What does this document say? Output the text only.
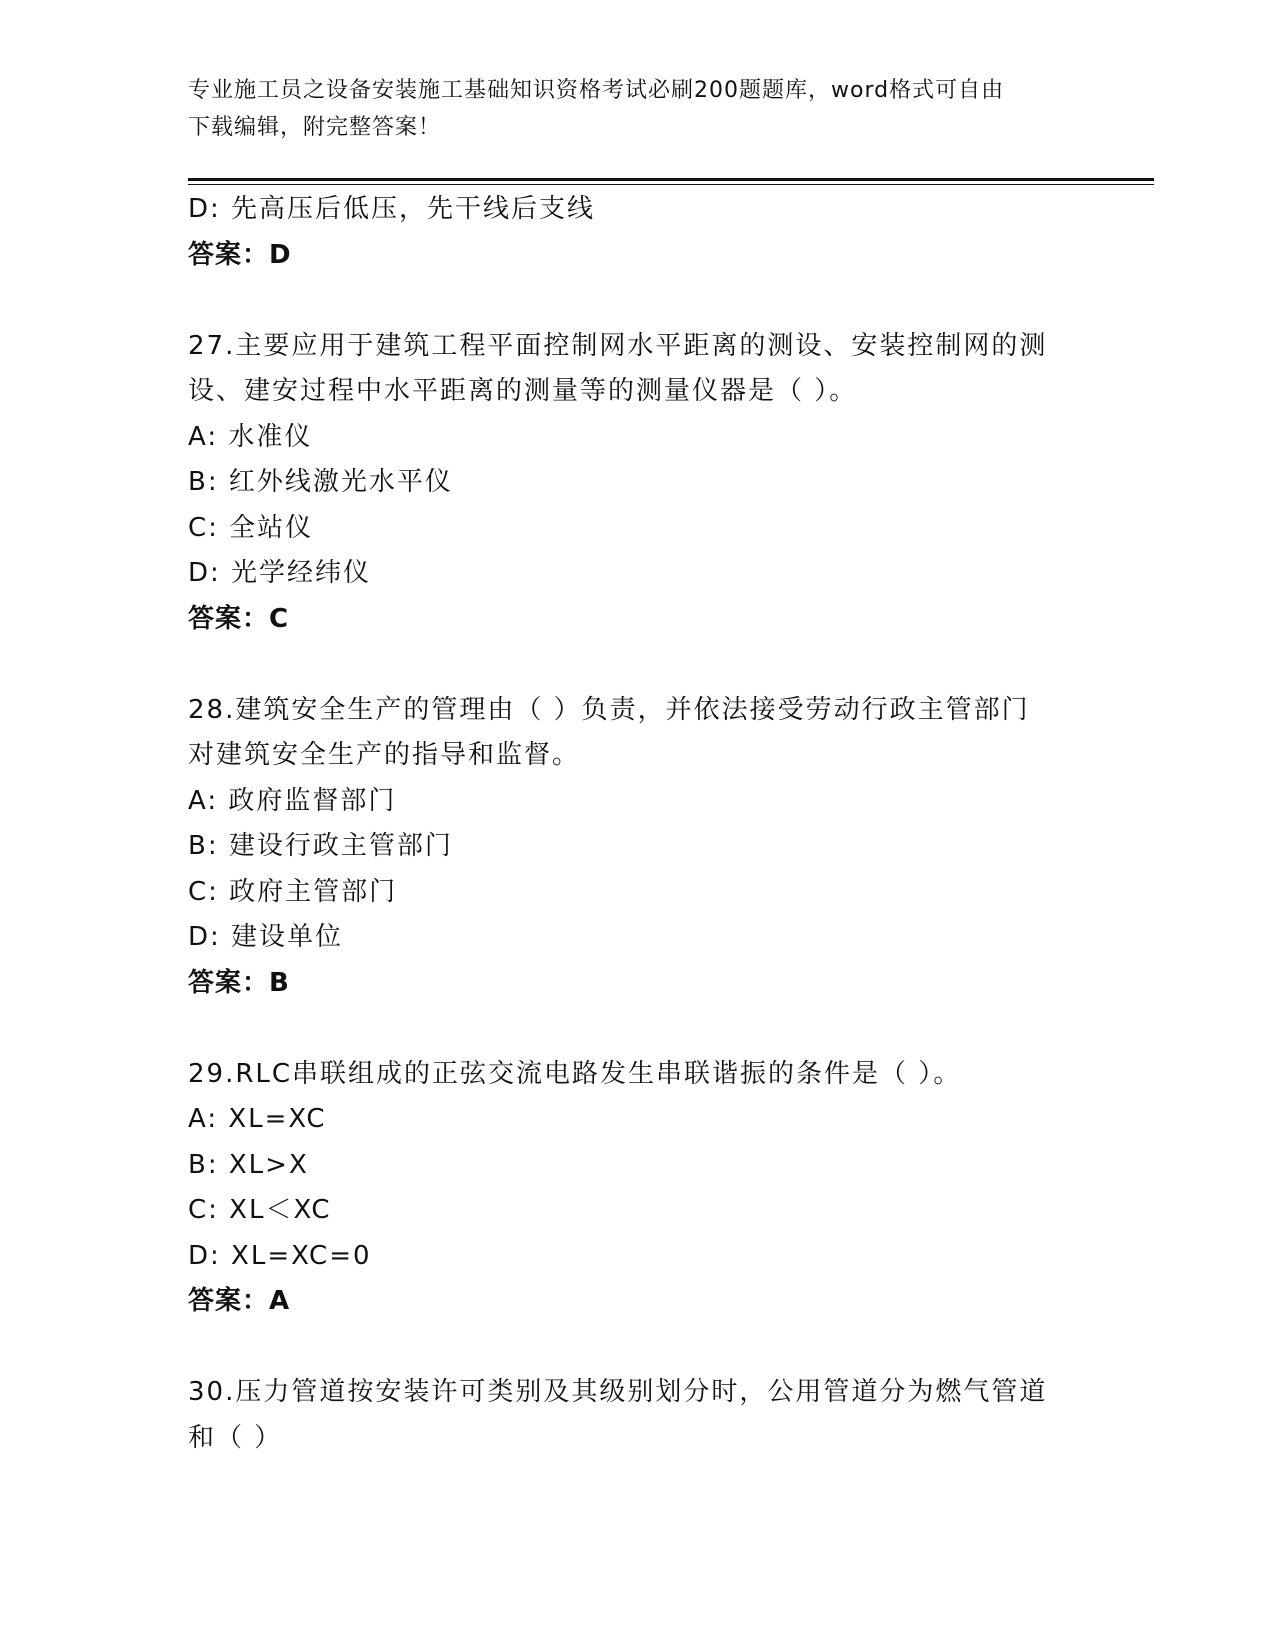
专业施工员之设备安装施工基础知识资格考试必刷200题题库，word格式可自由
下载编辑，附完整答案！
D: 先高压后低压，先干线后支线
答案：D
27.主要应用于建筑工程平面控制网水平距离的测设、安装控制网的测
设、建安过程中水平距离的测量等的测量仪器是（ ）。
A: 水准仪
B: 红外线激光水平仪
C: 全站仪
D: 光学经纬仪
答案：C
28.建筑安全生产的管理由（ ）负责，并依法接受劳动行政主管部门
对建筑安全生产的指导和监督。
A: 政府监督部门
B: 建设行政主管部门
C: 政府主管部门
D: 建设单位
答案：B
29.RLC串联组成的正弦交流电路发生串联谐振的条件是（ ）。
A: XL=XC
B: XL>X
C: XL＜XC
D: XL=XC=0
答案：A
30.压力管道按安装许可类别及其级别划分时，公用管道分为燃气管道
和（ ）
